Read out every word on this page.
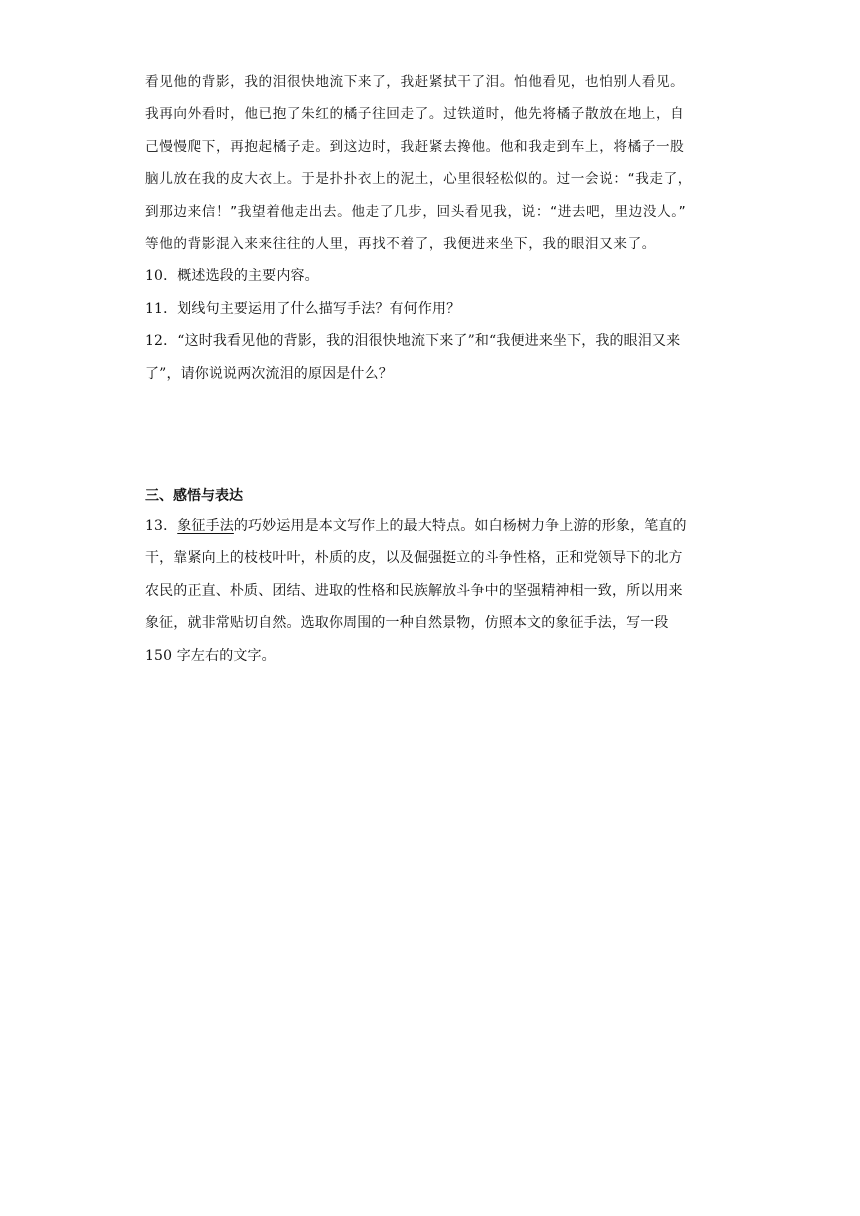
看见他的背影，我的泪很快地流下来了，我赶紧拭干了泪。怕他看见，也怕别人看见。
我再向外看时，他已抱了朱红的橘子往回走了。过铁道时，他先将橘子散放在地上，自
己慢慢爬下，再抱起橘子走。到这边时，我赶紧去搀他。他和我走到车上，将橘子一股
脑儿放在我的皮大衣上。于是扑扑衣上的泥土，心里很轻松似的。过一会说：“我走了，
到那边来信！”我望着他走出去。他走了几步，回头看见我，说：“进去吧，里边没人。”
等他的背影混入来来往往的人里，再找不着了，我便进来坐下，我的眼泪又来了。
10．概述选段的主要内容。
11．划线句主要运用了什么描写手法？有何作用？
12．“这时我看见他的背影，我的泪很快地流下来了”和“我便进来坐下，我的眼泪又来
了”，请你说说两次流泪的原因是什么？
三、感悟与表达
13．象征手法的巧妙运用是本文写作上的最大特点。如白杨树力争上游的形象，笔直的
干，靠紧向上的枝枝叶叶，朴质的皮，以及倔强挺立的斗争性格，正和党领导下的北方
农民的正直、朴质、团结、进取的性格和民族解放斗争中的坚强精神相一致，所以用来
象征，就非常贴切自然。选取你周围的一种自然景物，仿照本文的象征手法，写一段
150 字左右的文字。
